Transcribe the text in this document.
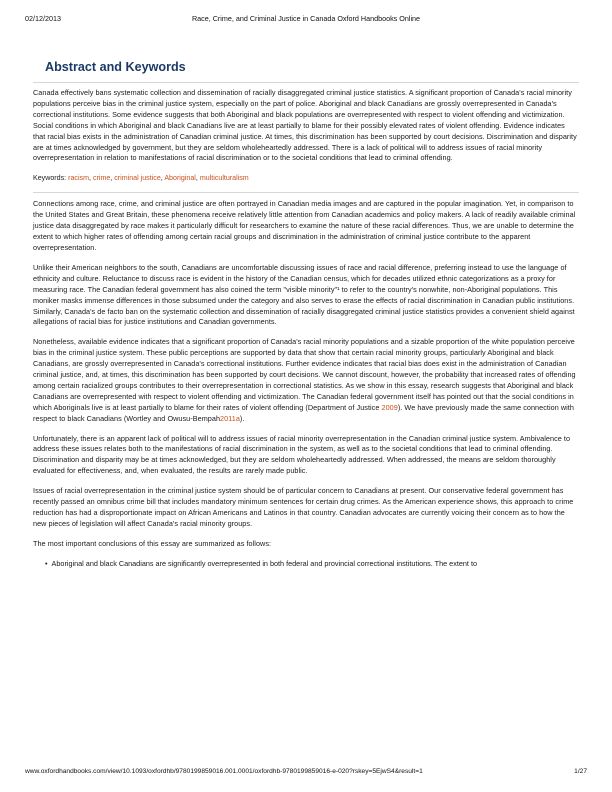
02/12/2013	Race, Crime, and Criminal Justice in Canada Oxford Handbooks Online
Abstract and Keywords

Canada effectively bans systematic collection and dissemination of racially disaggregated criminal justice statistics. A significant proportion of Canada's racial minority populations perceive bias in the criminal justice system, especially on the part of police. Aboriginal and black Canadians are grossly overrepresented in Canada's correctional institutions. Some evidence suggests that both Aboriginal and black populations are overrepresented with respect to violent offending and victimization. Social conditions in which Aboriginal and black Canadians live are at least partially to blame for their possibly elevated rates of violent offending. Evidence indicates that racial bias exists in the administration of Canadian criminal justice. At times, this discrimination has been supported by court decisions. Discrimination and disparity are at times acknowledged by government, but they are seldom wholeheartedly addressed. There is a lack of political will to address issues of racial minority overrepresentation in relation to manifestations of racial discrimination or to the societal conditions that lead to criminal offending.

Keywords: racism, crime, criminal justice, Aboriginal, multiculturalism

Connections among race, crime, and criminal justice are often portrayed in Canadian media images and are captured in the popular imagination. Yet, in comparison to the United States and Great Britain, these phenomena receive relatively little attention from Canadian academics and policy makers. A lack of readily available criminal justice data disaggregated by race makes it particularly difficult for researchers to examine the nature of these racial differences. Thus, we are unable to determine the extent to which higher rates of offending among certain racial groups and discrimination in the administration of criminal justice contribute to the apparent overrepresentation.

Unlike their American neighbors to the south, Canadians are uncomfortable discussing issues of race and racial difference, preferring instead to use the language of ethnicity and culture. Reluctance to discuss race is evident in the history of the Canadian census, which for decades utilized ethnic categorizations as a proxy for measuring race. The Canadian federal government has also coined the term "visible minority"¹ to refer to the country's nonwhite, non-Aboriginal populations. This moniker masks immense differences in those subsumed under the category and also serves to erase the effects of racial discrimination in Canadian public institutions. Similarly, Canada's de facto ban on the systematic collection and dissemination of racially disaggregated criminal justice statistics provides a convenient shield against allegations of racial bias for justice institutions and Canadian governments.

Nonetheless, available evidence indicates that a significant proportion of Canada's racial minority populations and a sizable proportion of the white population perceive bias in the criminal justice system. These public perceptions are supported by data that show that certain racial minority groups, particularly Aboriginal and black Canadians, are grossly overrepresented in Canada's correctional institutions. Further evidence indicates that racial bias does exist in the administration of Canadian criminal justice, and, at times, this discrimination has been supported by court decisions. We cannot discount, however, the probability that increased rates of offending among certain racialized groups contributes to their overrepresentation in correctional statistics. As we show in this essay, research suggests that Aboriginal and black Canadians are overrepresented with respect to violent offending and victimization. The Canadian federal government itself has pointed out that the social conditions in which Aboriginals live is at least partially to blame for their rates of violent offending (Department of Justice 2009). We have previously made the same connection with respect to black Canadians (Wortley and Owusu-Bempah2011a).

Unfortunately, there is an apparent lack of political will to address issues of racial minority overrepresentation in the Canadian criminal justice system. Ambivalence to address these issues relates both to the manifestations of racial discrimination in the system, as well as to the societal conditions that lead to criminal offending. Discrimination and disparity may be at times acknowledged, but they are seldom wholeheartedly addressed. When addressed, the means are seldom thoroughly evaluated for effectiveness, and, when evaluated, the results are rarely made public.

Issues of racial overrepresentation in the criminal justice system should be of particular concern to Canadians at present. Our conservative federal government has recently passed an omnibus crime bill that includes mandatory minimum sentences for certain drug crimes. As the American experience shows, this approach to crime reduction has had a disproportionate impact on African Americans and Latinos in that country. Canadian advocates are currently voicing their concern as to how the new pieces of legislation will affect Canada's racial minority groups.

The most important conclusions of this essay are summarized as follows:

• Aboriginal and black Canadians are significantly overrepresented in both federal and provincial correctional institutions. The extent to
www.oxfordhandbooks.com/view/10.1093/oxfordhb/9780199859016.001.0001/oxfordhb-9780199859016-e-020?rskey=5EjwS4&result=1	1/27
